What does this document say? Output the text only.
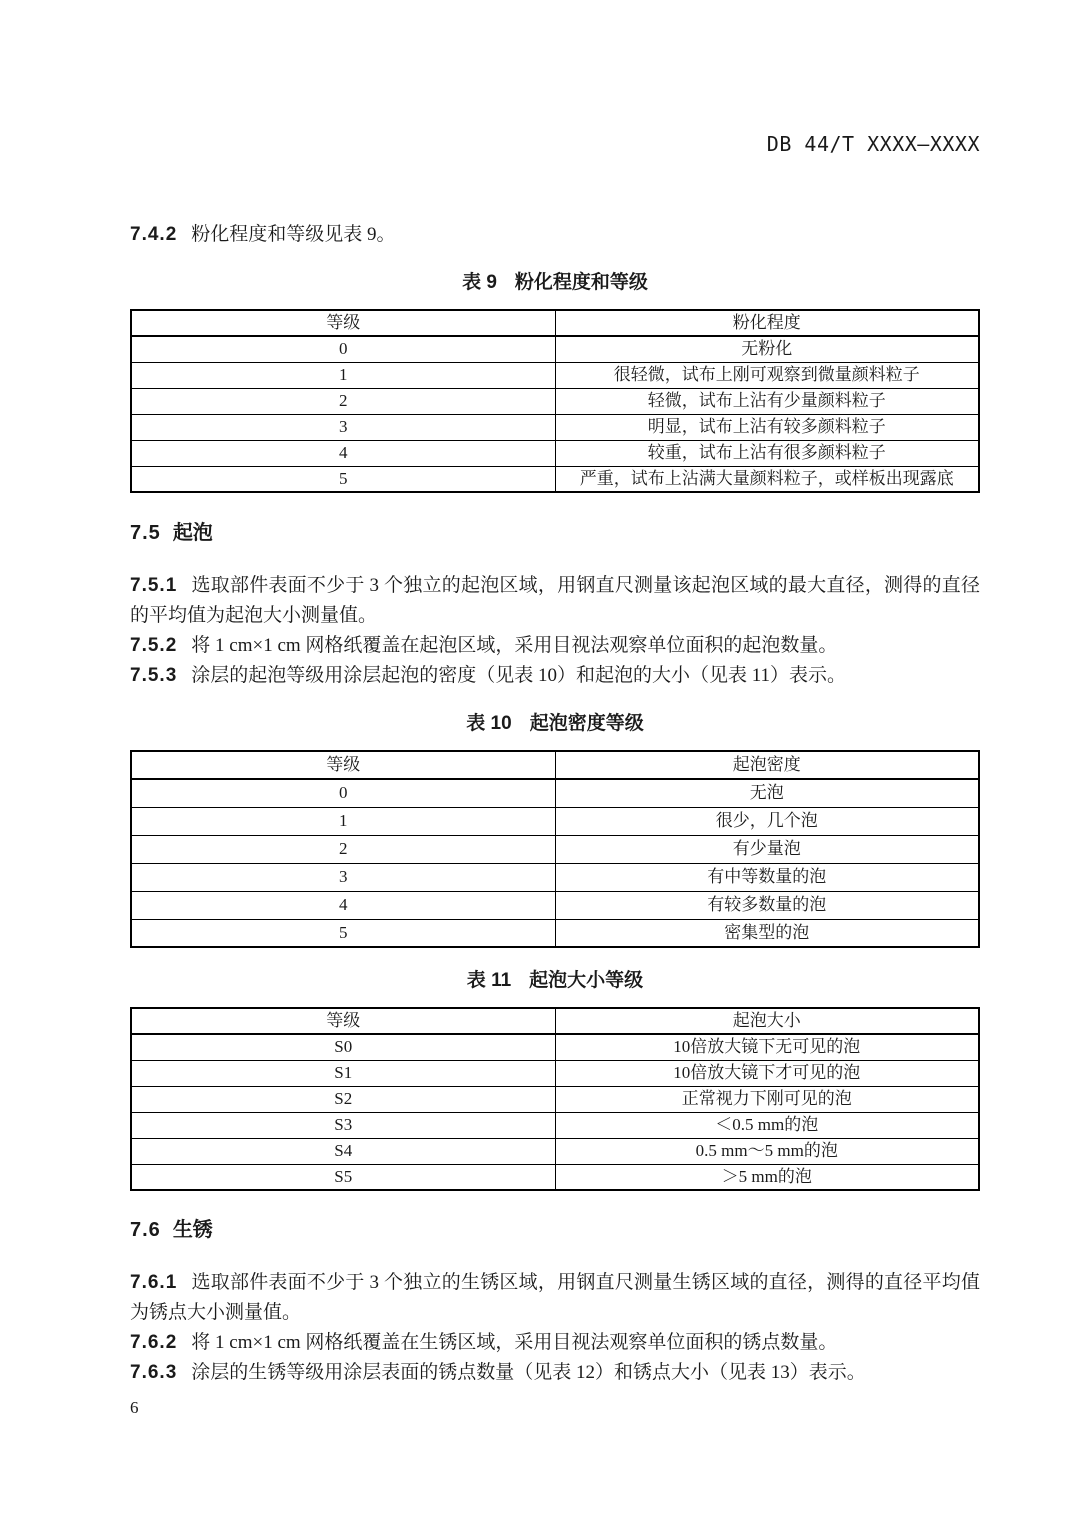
DB 44/T XXXX—XXXX

7.4.2 粉化程度和等级见表 9。

表 9 粉化程度和等级
等级	粉化程度
0	无粉化
1	很轻微，试布上刚可观察到微量颜料粒子
2	轻微，试布上沾有少量颜料粒子
3	明显，试布上沾有较多颜料粒子
4	较重，试布上沾有很多颜料粒子
5	严重，试布上沾满大量颜料粒子，或样板出现露底
7.5 起泡

7.5.1 选取部件表面不少于 3 个独立的起泡区域，用钢直尺测量该起泡区域的最大直径，测得的直径的平均值为起泡大小测量值。

7.5.2 将 1 cm×1 cm 网格纸覆盖在起泡区域，采用目视法观察单位面积的起泡数量。

7.5.3 涂层的起泡等级用涂层起泡的密度（见表 10）和起泡的大小（见表 11）表示。

表 10 起泡密度等级
等级	起泡密度
0	无泡
1	很少，几个泡
2	有少量泡
3	有中等数量的泡
4	有较多数量的泡
5	密集型的泡
表 11 起泡大小等级
等级	起泡大小
S0	10倍放大镜下无可见的泡
S1	10倍放大镜下才可见的泡
S2	正常视力下刚可见的泡
S3	＜0.5 mm的泡
S4	0.5 mm～5 mm的泡
S5	＞5 mm的泡
7.6 生锈

7.6.1 选取部件表面不少于 3 个独立的生锈区域，用钢直尺测量生锈区域的直径，测得的直径平均值为锈点大小测量值。

7.6.2 将 1 cm×1 cm 网格纸覆盖在生锈区域，采用目视法观察单位面积的锈点数量。

7.6.3 涂层的生锈等级用涂层表面的锈点数量（见表 12）和锈点大小（见表 13）表示。

6
